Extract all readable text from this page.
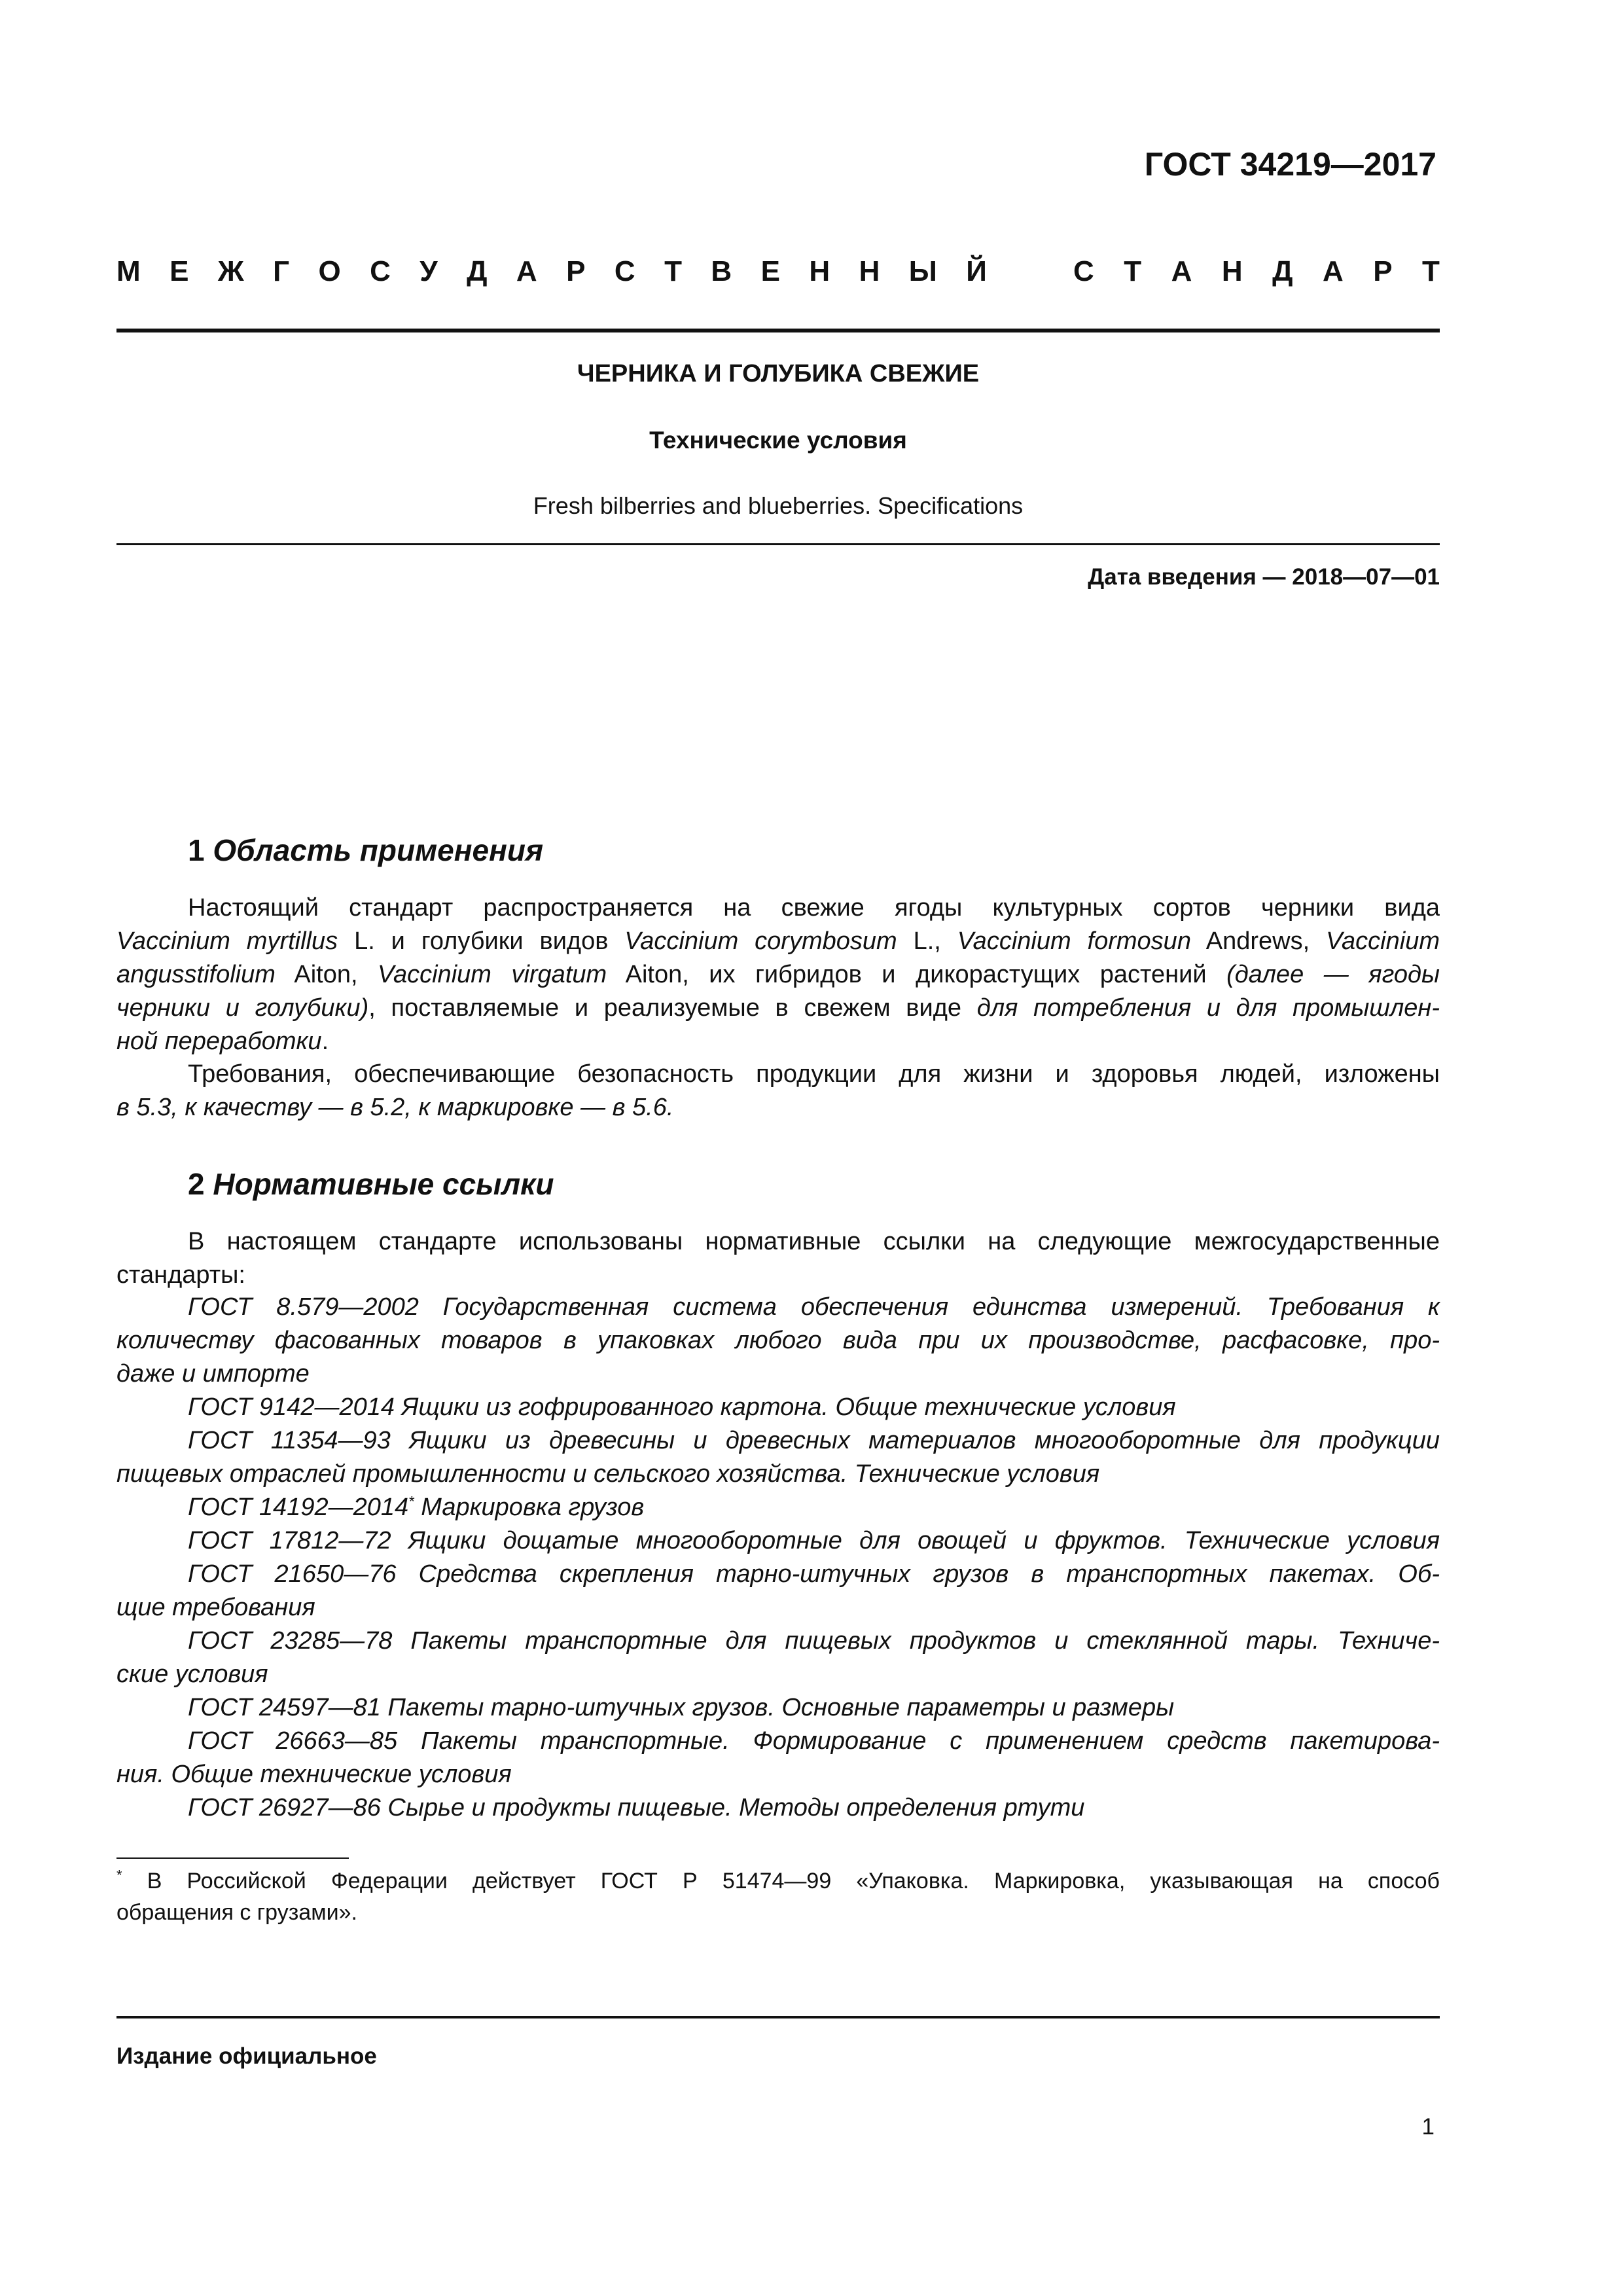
ГОСТ 34219—2017
М Е Ж Г О С У Д А Р С Т В Е Н Н Ы Й	С Т А Н Д А Р Т
ЧЕРНИКА И ГОЛУБИКА СВЕЖИЕ
Технические условия
Fresh bilberries and blueberries. Specifications
Дата введения — 2018—07—01
1 Область применения
Настоящий стандарт распространяется на свежие ягоды культурных сортов черники вида
Vaccinium myrtillus L. и голубики видов Vaccinium corymbosum L., Vaccinium formosun Andrews, Vaccinium
angusstifolium Aiton, Vaccinium virgatum Aiton, их гибридов и дикорастущих растений (далее — ягоды
черники и голубики), поставляемые и реализуемые в свежем виде для потребления и для промышлен-
ной переработки.
Требования, обеспечивающие безопасность продукции для жизни и здоровья людей, изложены
в 5.3, к качеству — в 5.2, к маркировке — в 5.6.
2 Нормативные ссылки
В настоящем стандарте использованы нормативные ссылки на следующие межгосударственные
стандарты:
ГОСТ 8.579—2002 Государственная система обеспечения единства измерений. Требования к
количеству фасованных товаров в упаковках любого вида при их производстве, расфасовке, про-
даже и импорте
ГОСТ 9142—2014 Ящики из гофрированного картона. Общие технические условия
ГОСТ 11354—93 Ящики из древесины и древесных материалов многооборотные для продукции
пищевых отраслей промышленности и сельского хозяйства. Технические условия
ГОСТ 14192—2014* Маркировка грузов
ГОСТ 17812—72 Ящики дощатые многооборотные для овощей и фруктов. Технические условия
ГОСТ 21650—76 Средства скрепления тарно-штучных грузов в транспортных пакетах. Об-
щие требования
ГОСТ 23285—78 Пакеты транспортные для пищевых продуктов и стеклянной тары. Техниче-
ские условия
ГОСТ 24597—81 Пакеты тарно-штучных грузов. Основные параметры и размеры
ГОСТ 26663—85 Пакеты транспортные. Формирование с применением средств пакетирова-
ния. Общие технические условия
ГОСТ 26927—86 Сырье и продукты пищевые. Методы определения ртути
* В Российской Федерации действует ГОСТ Р 51474—99 «Упаковка. Маркировка, указывающая на способ
обращения с грузами».
Издание официальное
1
